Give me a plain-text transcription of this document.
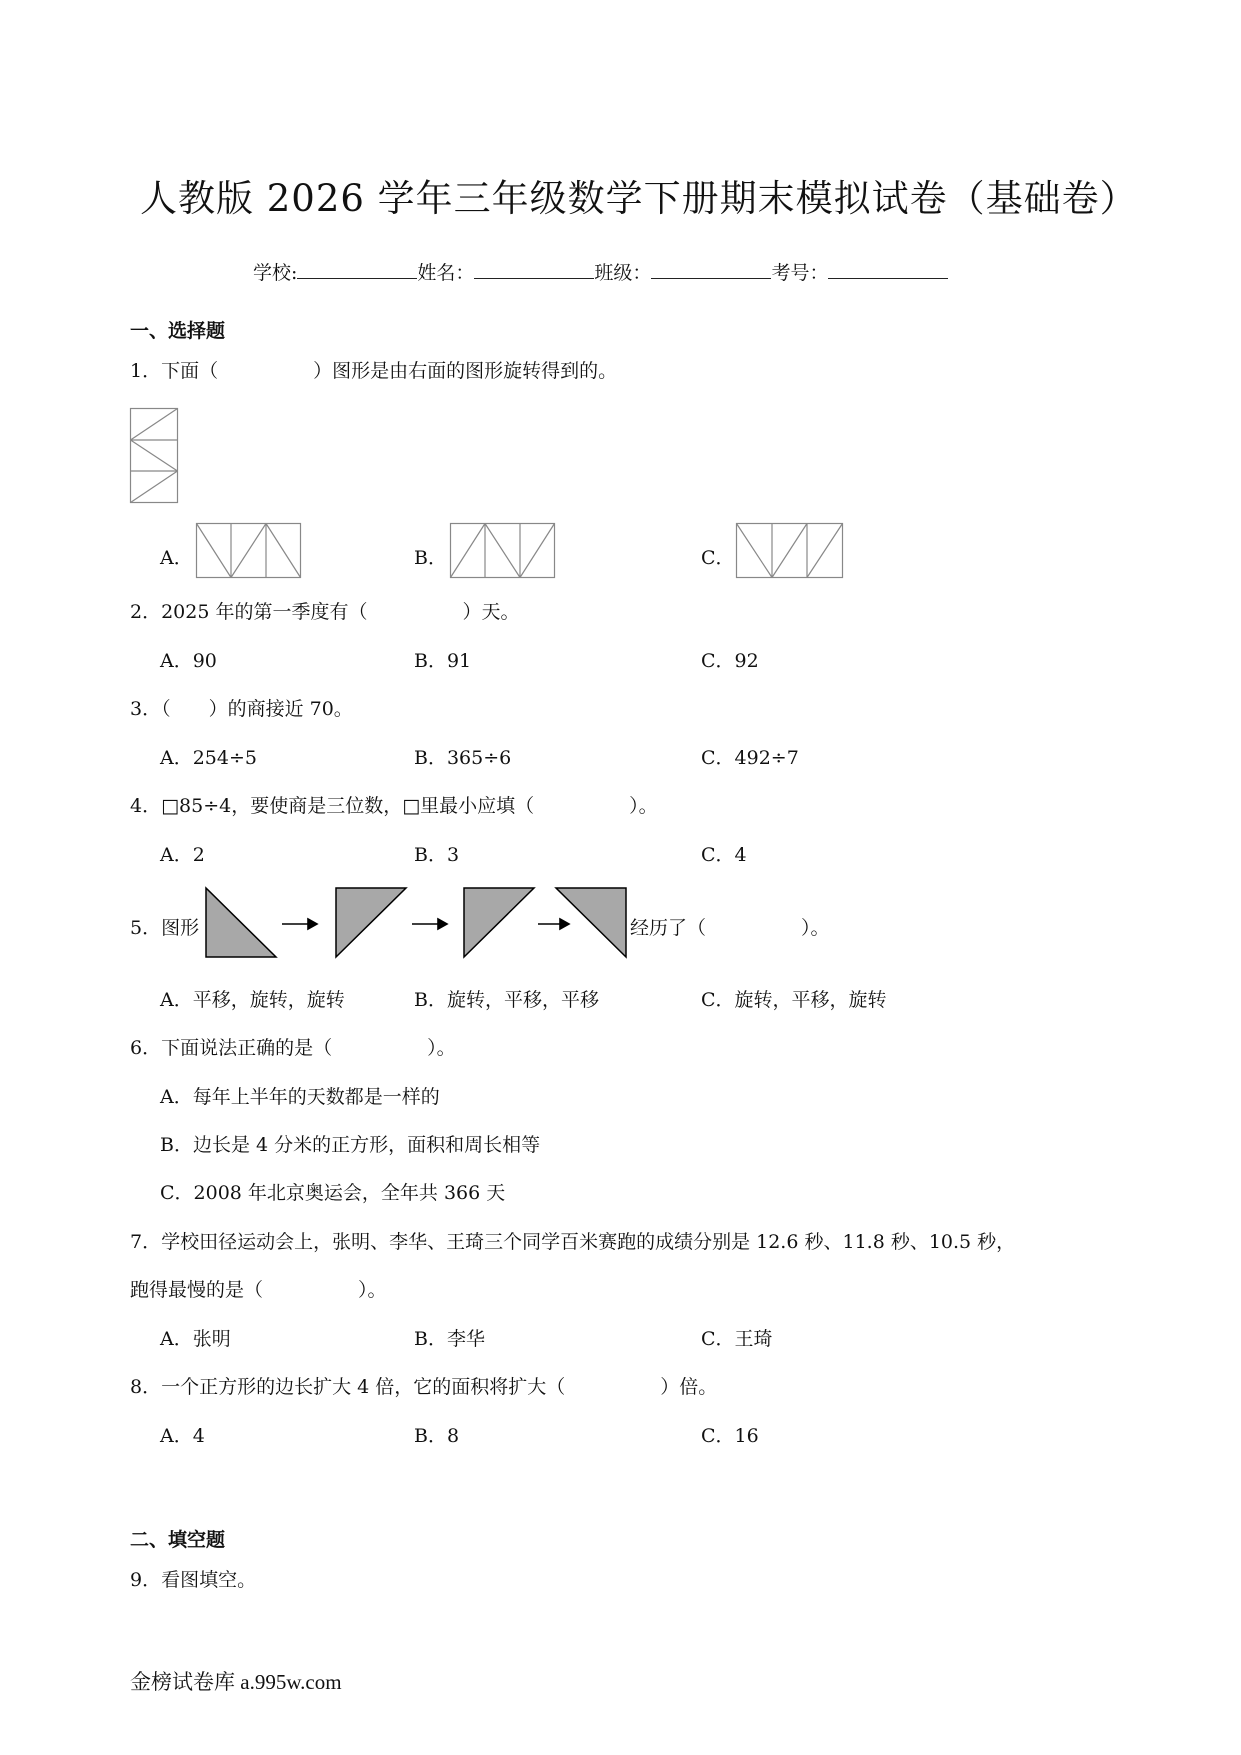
人教版 2026 学年三年级数学下册期末模拟试卷（基础卷）
学校:	姓名：	班级：	考号：
一、选择题
1．下面（　　　　　）图形是由右面的图形旋转得到的。
A．	B．	C．
2．2025 年的第一季度有（　　　　　）天。
A．90	B．91	C．92
3．（　　）的商接近 70。
A．254÷5	B．365÷6	C．492÷7
4．□85÷4，要使商是三位数，□里最小应填（　　　　　）。
A．2	B．3	C．4
5．图形	经历了（　　　　　）。
A．平移，旋转，旋转	B．旋转，平移，平移	C．旋转，平移，旋转
6．下面说法正确的是（　　　　　）。
A．每年上半年的天数都是一样的
B．边长是 4 分米的正方形，面积和周长相等
C．2008 年北京奥运会，全年共 366 天
7．学校田径运动会上，张明、李华、王琦三个同学百米赛跑的成绩分别是 12.6 秒、11.8 秒、10.5 秒，
跑得最慢的是（　　　　　）。
A．张明	B．李华	C．王琦
8．一个正方形的边长扩大 4 倍，它的面积将扩大（　　　　　）倍。
A．4	B．8	C．16
二、填空题
9．看图填空。
金榜试卷库 a.995w.com
